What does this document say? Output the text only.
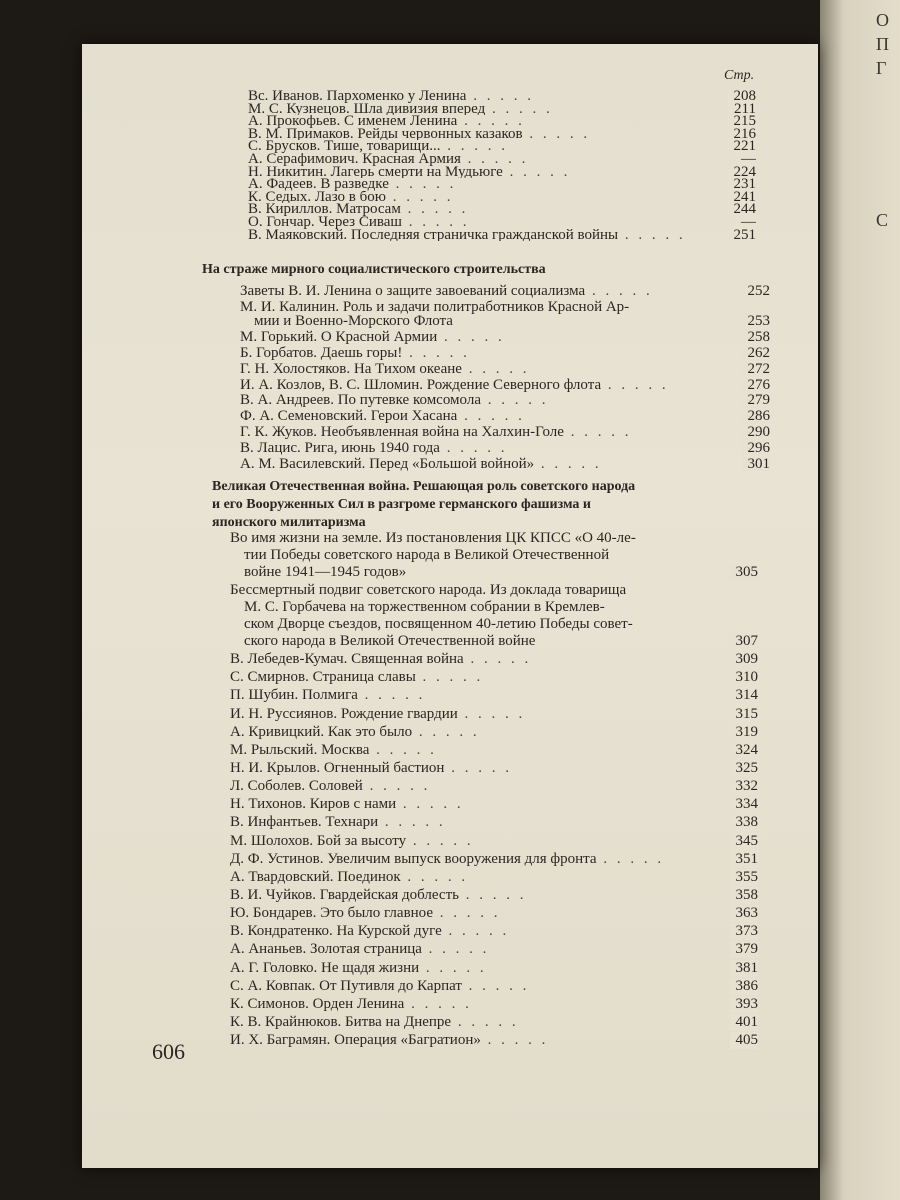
О
П
Г
С
Стр.
Вс. Иванов. Пархоменко у Ленина . . . . .	208
М. С. Кузнецов. Шла дивизия вперед . . . . .	211
А. Прокофьев. С именем Ленина . . . . .	215
В. М. Примаков. Рейды червонных казаков . . . . .	216
С. Брусков. Тише, товарищи... . . . . .	221
А. Серафимович. Красная Армия . . . . .	—
Н. Никитин. Лагерь смерти на Мудьюге . . . . .	224
А. Фадеев. В разведке . . . . .	231
К. Седых. Лазо в бою . . . . .	241
В. Кириллов. Матросам . . . . .	244
О. Гончар. Через Сиваш . . . . .	—
В. Маяковский. Последняя страничка гражданской войны . . . . .	251
На страже мирного социалистического строительства
Заветы В. И. Ленина о защите завоеваний социализма . . . . .	252
М. И. Калинин. Роль и задачи политработников Красной Ар-
мии и Военно-Морского Флота	253
М. Горький. О Красной Армии . . . . .	258
Б. Горбатов. Даешь горы! . . . . .	262
Г. Н. Холостяков. На Тихом океане . . . . .	272
И. А. Козлов, В. С. Шломин. Рождение Северного флота . . . . .	276
В. А. Андреев. По путевке комсомола . . . . .	279
Ф. А. Семеновский. Герои Хасана . . . . .	286
Г. К. Жуков. Необъявленная война на Халхин-Голе . . . . .	290
В. Лацис. Рига, июнь 1940 года . . . . .	296
А. М. Василевский. Перед «Большой войной» . . . . .	301
Великая Отечественная война. Решающая роль советского народа
и его Вооруженных Сил в разгроме германского фашизма и
японского милитаризма
Во имя жизни на земле. Из постановления ЦК КПСС «О 40-ле-
тии Победы советского народа в Великой Отечественной
войне 1941—1945 годов»	305
Бессмертный подвиг советского народа. Из доклада товарища
М. С. Горбачева на торжественном собрании в Кремлев-
ском Дворце съездов, посвященном 40-летию Победы совет-
ского народа в Великой Отечественной войне	307
В. Лебедев-Кумач. Священная война . . . . .	309
С. Смирнов. Страница славы . . . . .	310
П. Шубин. Полмига . . . . .	314
И. Н. Руссиянов. Рождение гвардии . . . . .	315
А. Кривицкий. Как это было . . . . .	319
М. Рыльский. Москва . . . . .	324
Н. И. Крылов. Огненный бастион . . . . .	325
Л. Соболев. Соловей . . . . .	332
Н. Тихонов. Киров с нами . . . . .	334
В. Инфантьев. Технари . . . . .	338
М. Шолохов. Бой за высоту . . . . .	345
Д. Ф. Устинов. Увеличим выпуск вооружения для фронта . . . . .	351
А. Твардовский. Поединок . . . . .	355
В. И. Чуйков. Гвардейская доблесть . . . . .	358
Ю. Бондарев. Это было главное . . . . .	363
В. Кондратенко. На Курской дуге . . . . .	373
А. Ананьев. Золотая страница . . . . .	379
А. Г. Головко. Не щадя жизни . . . . .	381
С. А. Ковпак. От Путивля до Карпат . . . . .	386
К. Симонов. Орден Ленина . . . . .	393
К. В. Крайнюков. Битва на Днепре . . . . .	401
И. Х. Баграмян. Операция «Багратион» . . . . .	405
606
